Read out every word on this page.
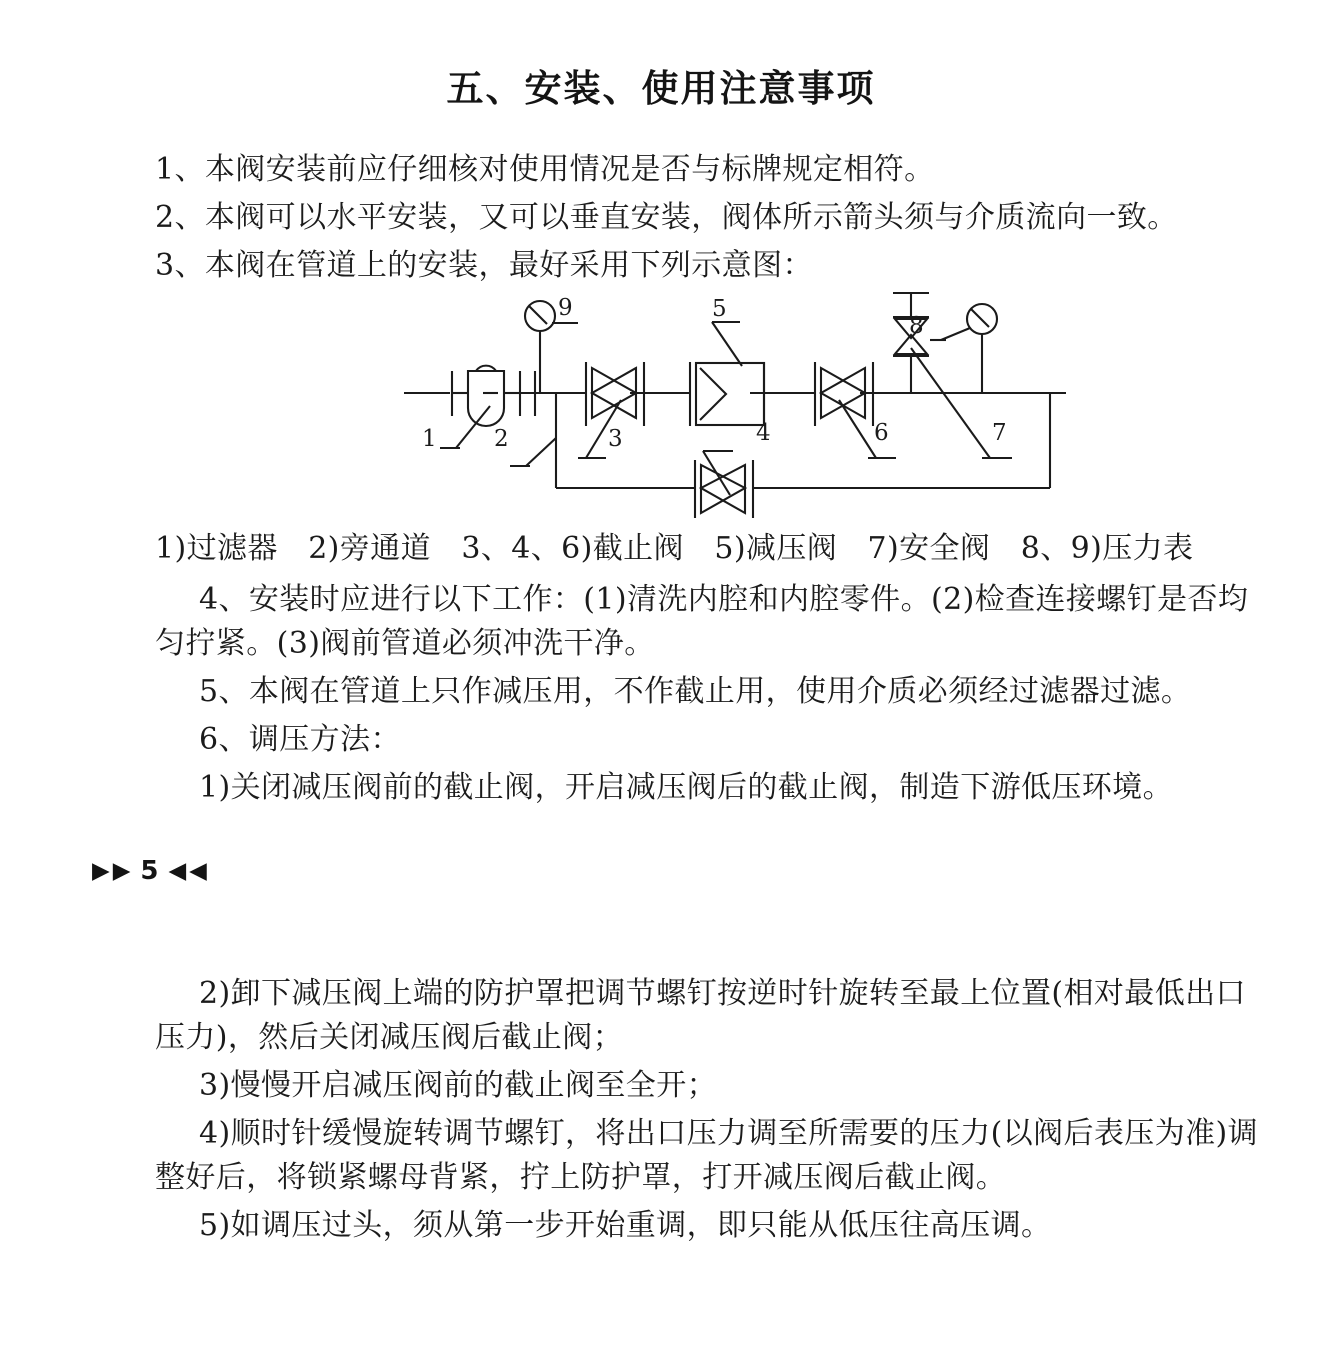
五、安装、使用注意事项
1、本阀安装前应仔细核对使用情况是否与标牌规定相符。
2、本阀可以水平安装，又可以垂直安装，阀体所示箭头须与介质流向一致。
3、本阀在管道上的安装，最好采用下列示意图：
1 2
9
3
5
4	6	7
8
1)过滤器　2)旁通道　3、4、6)截止阀　5)减压阀　7)安全阀　8、9)压力表
4、安装时应进行以下工作：(1)清洗内腔和内腔零件。(2)检查连接螺钉是否均匀拧紧。(3)阀前管道必须冲洗干净。
5、本阀在管道上只作减压用，不作截止用，使用介质必须经过滤器过滤。
6、调压方法：
1)关闭减压阀前的截止阀，开启减压阀后的截止阀，制造下游低压环境。
▶▶ 5 ◀◀
2)卸下减压阀上端的防护罩把调节螺钉按逆时针旋转至最上位置(相对最低出口压力)，然后关闭减压阀后截止阀；
3)慢慢开启减压阀前的截止阀至全开；
4)顺时针缓慢旋转调节螺钉，将出口压力调至所需要的压力(以阀后表压为准)调整好后，将锁紧螺母背紧，拧上防护罩，打开减压阀后截止阀。
5)如调压过头，须从第一步开始重调，即只能从低压往高压调。
